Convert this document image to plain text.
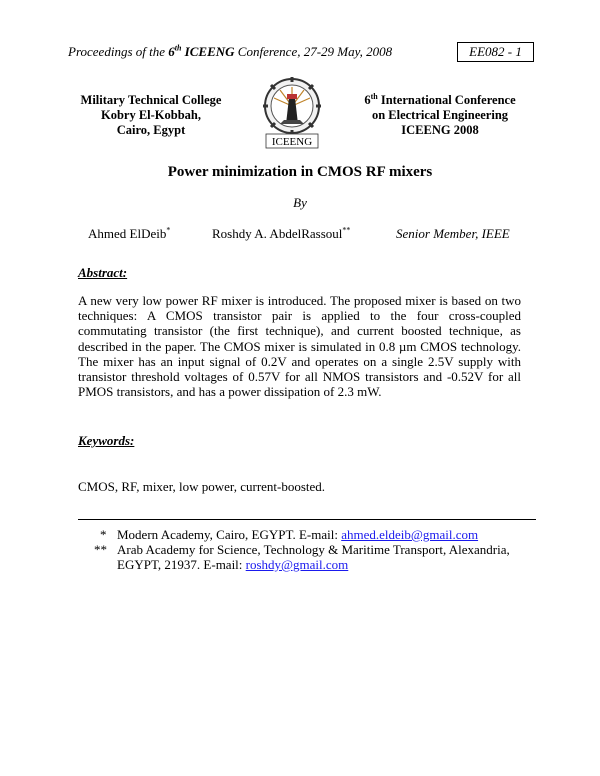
Proceedings of the 6th ICEENG Conference, 27-29 May, 2008	EE082 - 1
Military Technical College
Kobry El-Kobbah,
Cairo, Egypt
ICEENG
6th International Conference
on Electrical Engineering
ICEENG 2008
Power minimization in CMOS RF mixers
By
Ahmed ElDeib*	Roshdy A. AbdelRassoul**	Senior Member, IEEE
Abstract:
A new very low power RF mixer is introduced. The proposed mixer is based on two techniques: A CMOS transistor pair is applied to the four cross-coupled commutating transistor (the first technique), and current boosted technique, as described in the paper. The CMOS mixer is simulated in 0.8 µm CMOS technology. The mixer has an input signal of 0.2V and operates on a single 2.5V supply with transistor threshold voltages of 0.57V for all NMOS transistors and -0.52V for all PMOS transistors, and has a power dissipation of 2.3 mW.
Keywords:
CMOS, RF, mixer, low power, current-boosted.
* Modern Academy, Cairo, EGYPT. E-mail: ahmed.eldeib@gmail.com
** Arab Academy for Science, Technology & Maritime Transport, Alexandria,
EGYPT, 21937. E-mail: roshdy@gmail.com
